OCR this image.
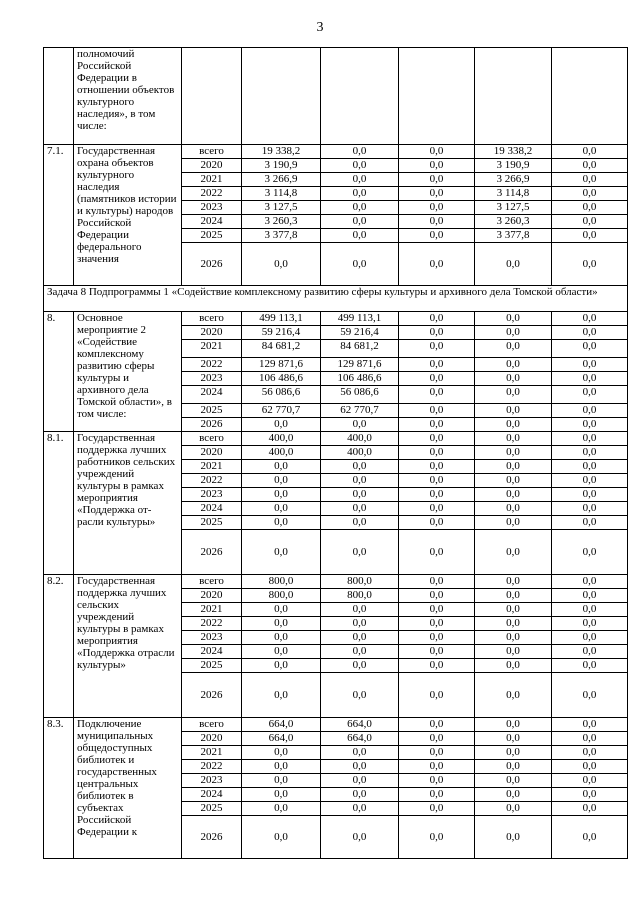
3
	полномочий Российской Федерации в отношении объектов культурного наследия», в том числе:						
7.1.	Государственная охрана объектов культурного наследия (памятников истории и культуры) народов Российской Федерации федерального значения	всего	19 338,2	0,0	0,0	19 338,2	0,0
		2020	3 190,9	0,0	0,0	3 190,9	0,0
		2021	3 266,9	0,0	0,0	3 266,9	0,0
		2022	3 114,8	0,0	0,0	3 114,8	0,0
		2023	3 127,5	0,0	0,0	3 127,5	0,0
		2024	3 260,3	0,0	0,0	3 260,3	0,0
		2025	3 377,8	0,0	0,0	3 377,8	0,0
		2026	0,0	0,0	0,0	0,0	0,0
Задача 8 Подпрограммы 1 «Содействие комплексному развитию сферы культуры и архивного дела Томской области»							
8.	Основное мероприятие 2 «Содействие комплексному развитию сферы культуры и архивного дела Томской области», в том числе:	всего	499 113,1	499 113,1	0,0	0,0	0,0
		2020	59 216,4	59 216,4	0,0	0,0	0,0
		2021	84 681,2	84 681,2	0,0	0,0	0,0
		2022	129 871,6	129 871,6	0,0	0,0	0,0
		2023	106 486,6	106 486,6	0,0	0,0	0,0
		2024	56 086,6	56 086,6	0,0	0,0	0,0
		2025	62 770,7	62 770,7	0,0	0,0	0,0
		2026	0,0	0,0	0,0	0,0	0,0
8.1.	Государственная поддержка лучших работников сельских учреждений культуры в рамках мероприятия «Поддержка от-расли культуры»	всего	400,0	400,0	0,0	0,0	0,0
		2020	400,0	400,0	0,0	0,0	0,0
		2021	0,0	0,0	0,0	0,0	0,0
		2022	0,0	0,0	0,0	0,0	0,0
		2023	0,0	0,0	0,0	0,0	0,0
		2024	0,0	0,0	0,0	0,0	0,0
		2025	0,0	0,0	0,0	0,0	0,0
		2026	0,0	0,0	0,0	0,0	0,0
8.2.	Государственная поддержка лучших сельских учреждений культуры в рамках мероприятия «Поддержка отрасли культуры»	всего	800,0	800,0	0,0	0,0	0,0
		2020	800,0	800,0	0,0	0,0	0,0
		2021	0,0	0,0	0,0	0,0	0,0
		2022	0,0	0,0	0,0	0,0	0,0
		2023	0,0	0,0	0,0	0,0	0,0
		2024	0,0	0,0	0,0	0,0	0,0
		2025	0,0	0,0	0,0	0,0	0,0
		2026	0,0	0,0	0,0	0,0	0,0
8.3.	Подключение муниципальных общедоступных библиотек и государственных центральных библиотек в субъектах Российской Федерации к	всего	664,0	664,0	0,0	0,0	0,0
		2020	664,0	664,0	0,0	0,0	0,0
		2021	0,0	0,0	0,0	0,0	0,0
		2022	0,0	0,0	0,0	0,0	0,0
		2023	0,0	0,0	0,0	0,0	0,0
		2024	0,0	0,0	0,0	0,0	0,0
		2025	0,0	0,0	0,0	0,0	0,0
		2026	0,0	0,0	0,0	0,0	0,0
